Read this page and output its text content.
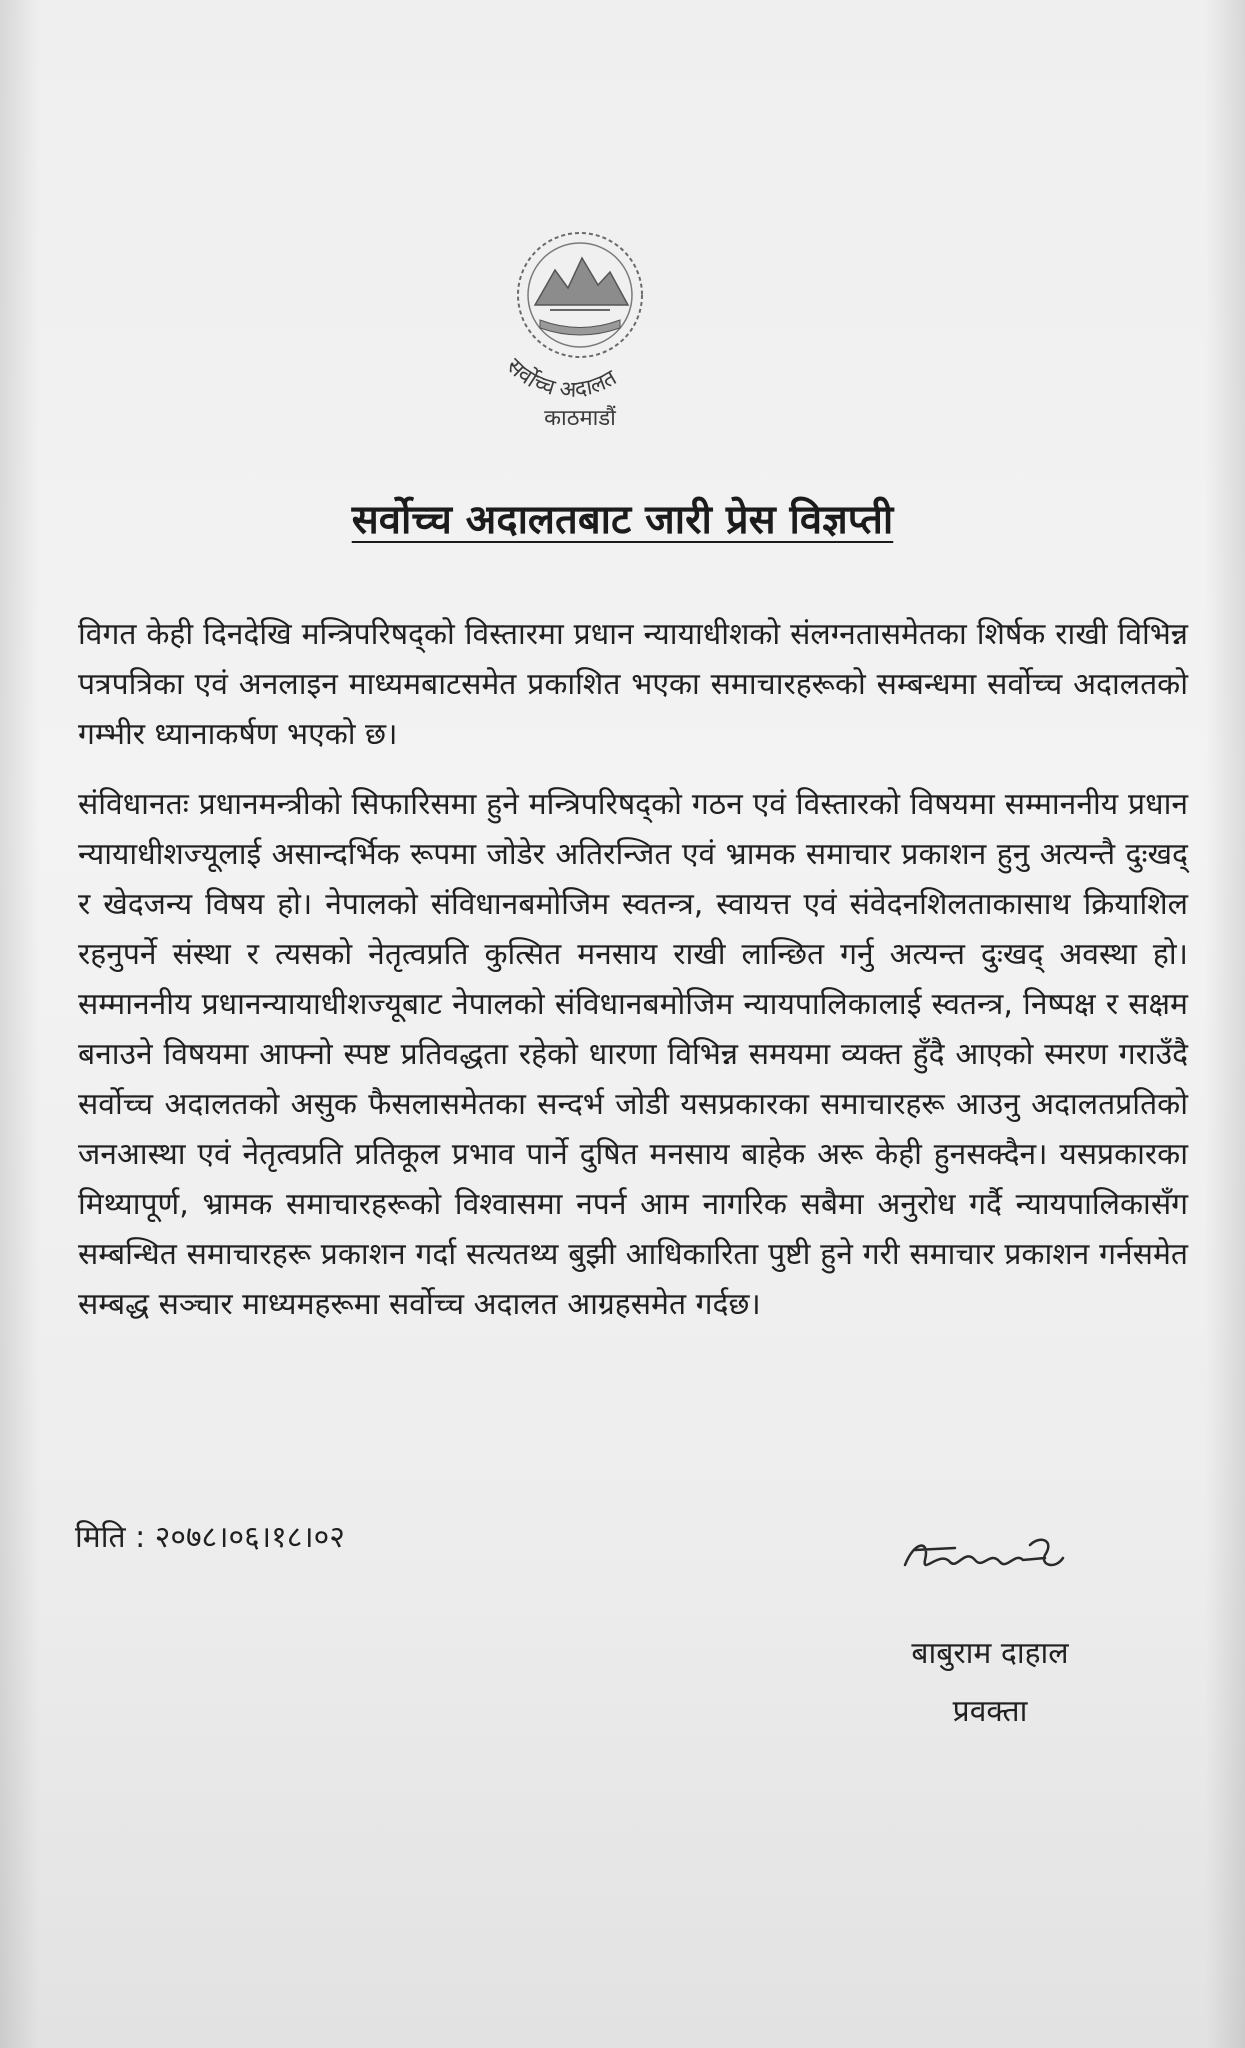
सर्वोच्च अदालत
काठमाडौं
सर्वोच्च अदालतबाट जारी प्रेस विज्ञप्ती

विगत केही दिनदेखि मन्त्रिपरिषद्को विस्तारमा प्रधान न्यायाधीशको संलग्नतासमेतका शिर्षक राखी विभिन्न पत्रपत्रिका एवं अनलाइन माध्यमबाटसमेत प्रकाशित भएका समाचारहरूको सम्बन्धमा सर्वोच्च अदालतको गम्भीर ध्यानाकर्षण भएको छ।

संविधानतः प्रधानमन्त्रीको सिफारिसमा हुने मन्त्रिपरिषद्को गठन एवं विस्तारको विषयमा सम्माननीय प्रधान न्यायाधीशज्यूलाई असान्दर्भिक रूपमा जोडेर अतिरन्जित एवं भ्रामक समाचार प्रकाशन हुनु अत्यन्तै दुःखद् र खेदजन्य विषय हो। नेपालको संविधानबमोजिम स्वतन्त्र, स्वायत्त एवं संवेदनशिलताकासाथ क्रियाशिल रहनुपर्ने संस्था र त्यसको नेतृत्वप्रति कुत्सित मनसाय राखी लान्छित गर्नु अत्यन्त दुःखद् अवस्था हो। सम्माननीय प्रधानन्यायाधीशज्यूबाट नेपालको संविधानबमोजिम न्यायपालिकालाई स्वतन्त्र, निष्पक्ष र सक्षम बनाउने विषयमा आफ्नो स्पष्ट प्रतिवद्धता रहेको धारणा विभिन्न समयमा व्यक्त हुँदै आएको स्मरण गराउँदै सर्वोच्च अदालतको असुक फैसलासमेतका सन्दर्भ जोडी यसप्रकारका समाचारहरू आउनु अदालतप्रतिको जनआस्था एवं नेतृत्वप्रति प्रतिकूल प्रभाव पार्ने दुषित मनसाय बाहेक अरू केही हुनसक्दैन। यसप्रकारका मिथ्यापूर्ण, भ्रामक समाचारहरूको विश्वासमा नपर्न आम नागरिक सबैमा अनुरोध गर्दै न्यायपालिकासँग सम्बन्धित समाचारहरू प्रकाशन गर्दा सत्यतथ्य बुझी आधिकारिता पुष्टी हुने गरी समाचार प्रकाशन गर्नसमेत सम्बद्ध सञ्चार माध्यमहरूमा सर्वोच्च अदालत आग्रहसमेत गर्दछ।

मिति : २०७८।०६।१८।०२
बाबुराम दाहाल
प्रवक्ता
